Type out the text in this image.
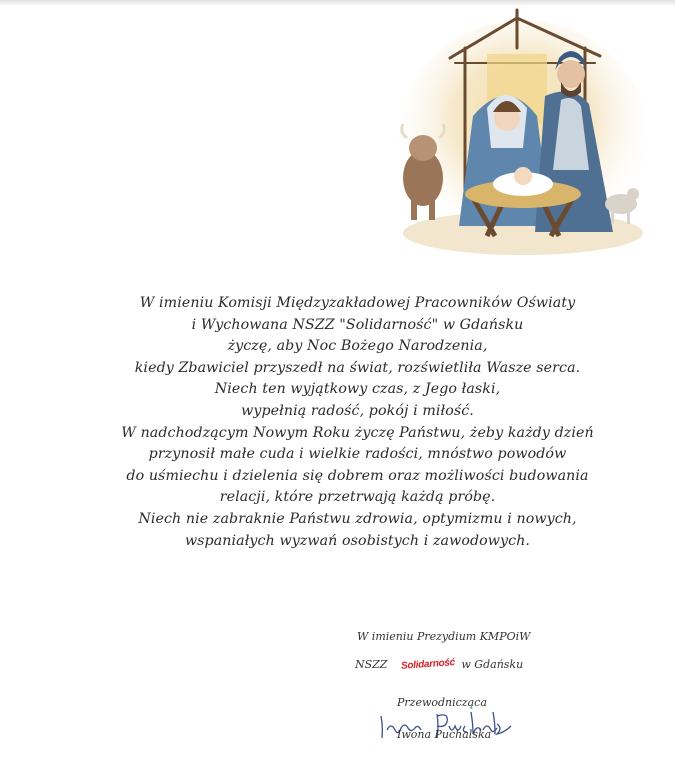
W imieniu Komisji Międzyzakładowej Pracowników Oświaty
i Wychowana NSZZ "Solidarność" w Gdańsku
życzę, aby Noc Bożego Narodzenia,
kiedy Zbawiciel przyszedł na świat, rozświetliła Wasze serca.
Niech ten wyjątkowy czas, z Jego łaski,
wypełnią radość, pokój i miłość.
W nadchodzącym Nowym Roku życzę Państwu, żeby każdy dzień
przynosił małe cuda i wielkie radości, mnóstwo powodów
do uśmiechu i dzielenia się dobrem oraz możliwości budowania
relacji, które przetrwają każdą próbę.
Niech nie zabraknie Państwu zdrowia, optymizmu i nowych,
wspaniałych wyzwań osobistych i zawodowych.
W imieniu Prezydium KMPOiW
NSZZ Solidarność w Gdańsku
Przewodnicząca
Iwona Puchalska
